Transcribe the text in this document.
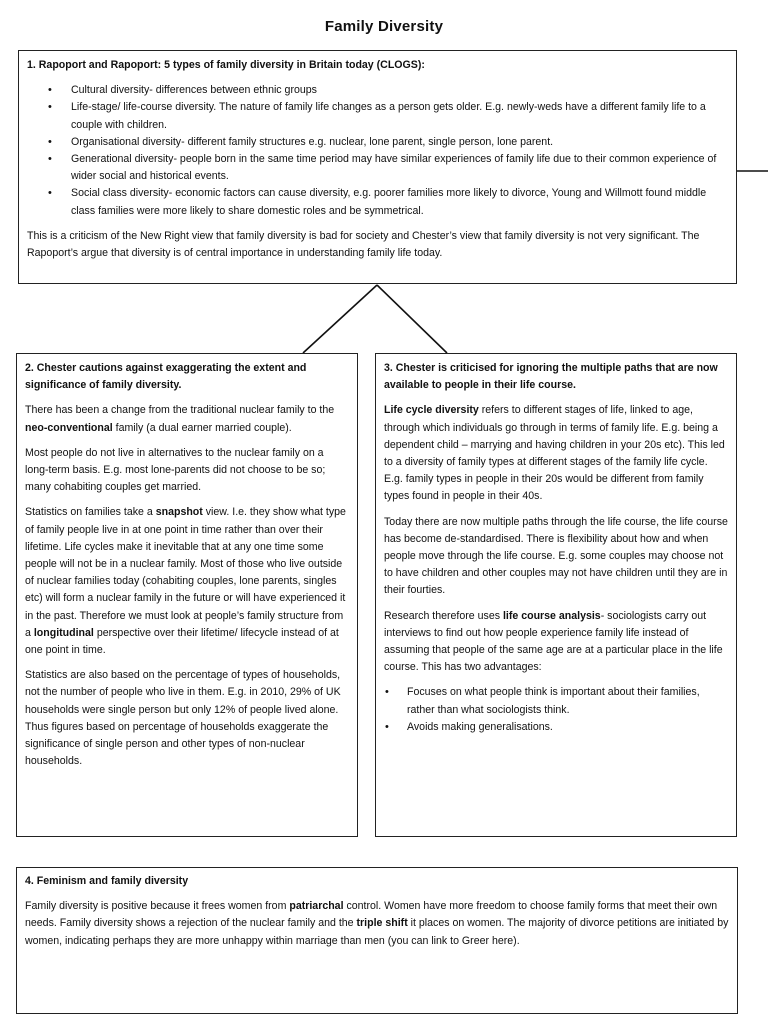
Family Diversity
1. Rapoport and Rapoport: 5 types of family diversity in Britain today (CLOGS):
• Cultural diversity- differences between ethnic groups
• Life-stage/ life-course diversity. The nature of family life changes as a person gets older. E.g. newly-weds have a different family life to a couple with children.
• Organisational diversity- different family structures e.g. nuclear, lone parent, single person, lone parent.
• Generational diversity- people born in the same time period may have similar experiences of family life due to their common experience of wider social and historical events.
• Social class diversity- economic factors can cause diversity, e.g. poorer families more likely to divorce, Young and Willmott found middle class families were more likely to share domestic roles and be symmetrical.

This is a criticism of the New Right view that family diversity is bad for society and Chester’s view that family diversity is not very significant. The Rapoport’s argue that diversity is of central importance in understanding family life today.

2. Chester cautions against exaggerating the extent and significance of family diversity.

There has been a change from the traditional nuclear family to the neo-conventional family (a dual earner married couple).

Most people do not live in alternatives to the nuclear family on a long-term basis. E.g. most lone-parents did not choose to be so; many cohabiting couples get married.

Statistics on families take a snapshot view. I.e. they show what type of family people live in at one point in time rather than over their lifetime. Life cycles make it inevitable that at any one time some people will not be in a nuclear family. Most of those who live outside of nuclear families today (cohabiting couples, lone parents, singles etc) will form a nuclear family in the future or will have experienced it in the past. Therefore we must look at people’s family structure from a longitudinal perspective over their lifetime/ lifecycle instead of at one point in time.

Statistics are also based on the percentage of types of households, not the number of people who live in them. E.g. in 2010, 29% of UK households were single person but only 12% of people lived alone. Thus figures based on percentage of households exaggerate the significance of single person and other types of non-nuclear households.

3. Chester is criticised for ignoring the multiple paths that are now available to people in their life course.

Life cycle diversity refers to different stages of life, linked to age, through which individuals go through in terms of family life. E.g. being a dependent child – marrying and having children in your 20s etc). This led to a diversity of family types at different stages of the family life cycle. E.g. family types in people in their 20s would be different from family types found in people in their 40s.

Today there are now multiple paths through the life course, the life course has become de-standardised. There is flexibility about how and when people move through the life course. E.g. some couples may choose not to have children and other couples may not have children until they are in their fourties.

Research therefore uses life course analysis- sociologists carry out interviews to find out how people experience family life instead of assuming that people of the same age are at a particular place in the life course. This has two advantages:

• Focuses on what people think is important about their families, rather than what sociologists think.
• Avoids making generalisations.
4. Feminism and family diversity

Family diversity is positive because it frees women from patriarchal control. Women have more freedom to choose family forms that meet their own needs. Family diversity shows a rejection of the nuclear family and the triple shift it places on women. The majority of divorce petitions are initiated by women, indicating perhaps they are more unhappy within marriage than men (you can link to Greer here).
